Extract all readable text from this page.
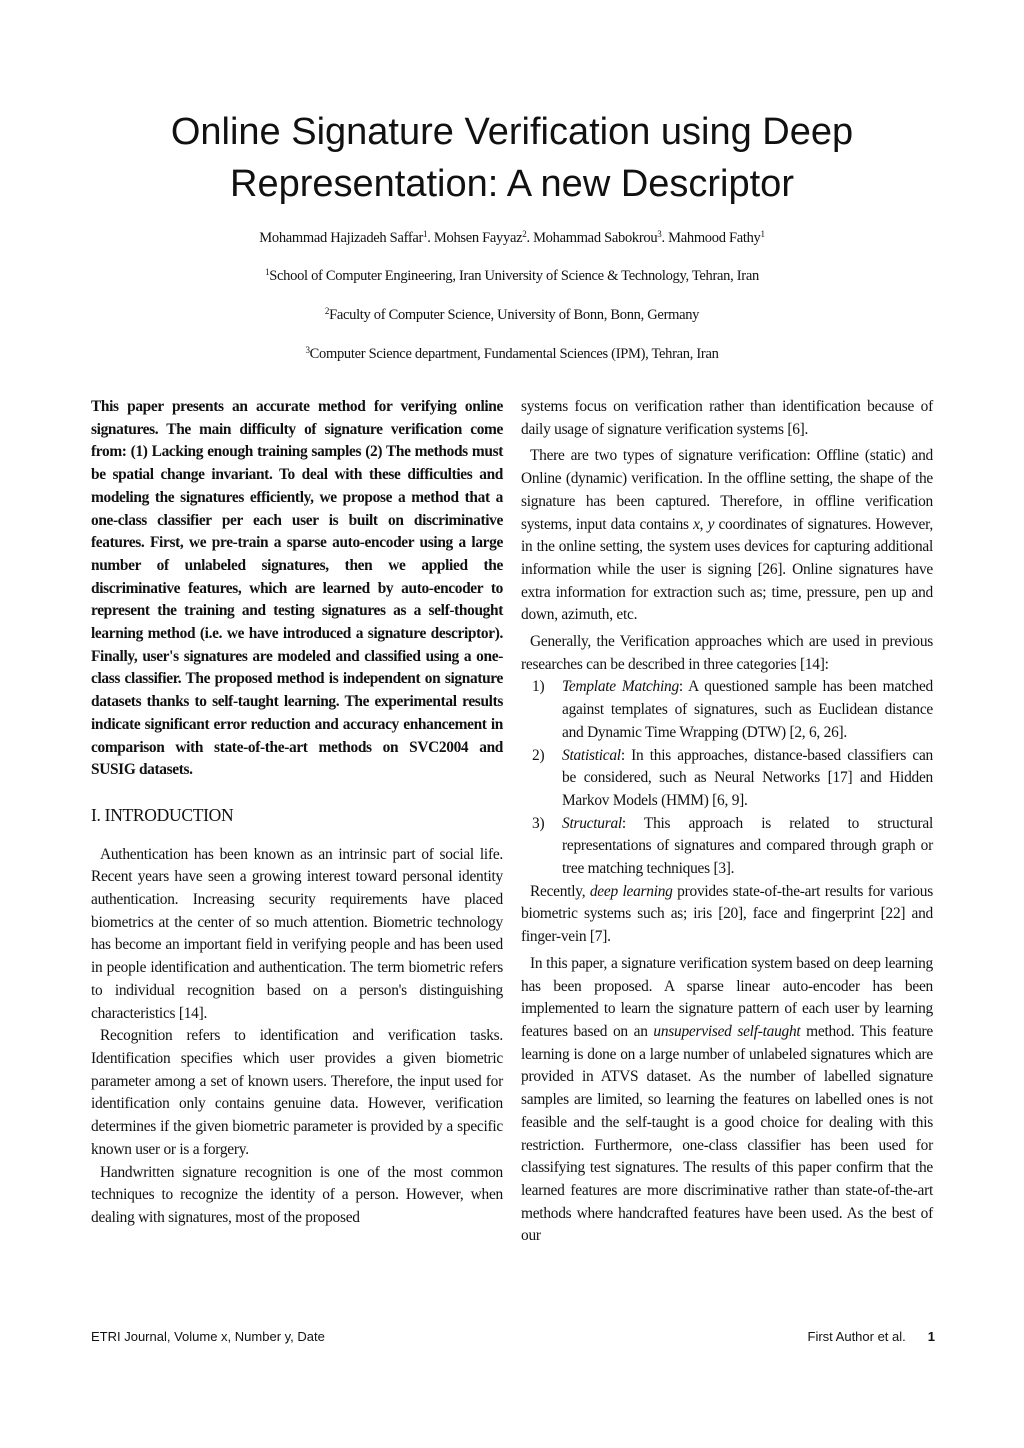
Online Signature Verification using Deep
Representation: A new Descriptor
Mohammad Hajizadeh Saffar$^1$. Mohsen Fayyaz$^2$. Mohammad Sabokrou$^3$. Mahmood Fathy$^1$
$^1$School of Computer Engineering, Iran University of Science & Technology, Tehran, Iran
$^2$Faculty of Computer Science, University of Bonn, Bonn, Germany
$^3$Computer Science department, Fundamental Sciences (IPM), Tehran, Iran

This paper presents an accurate method for verifying online signatures. The main difficulty of signature verification come from: (1) Lacking enough training samples (2) The methods must be spatial change invariant. To deal with these difficulties and modeling the signatures efficiently, we propose a method that a one-class classifier per each user is built on discriminative features. First, we pre-train a sparse auto-encoder using a large number of unlabeled signatures, then we applied the discriminative features, which are learned by auto-encoder to represent the training and testing signatures as a self-thought learning method (i.e. we have introduced a signature descriptor). Finally, user's signatures are modeled and classified using a one-class classifier. The proposed method is independent on signature datasets thanks to self-taught learning. The experimental results indicate significant error reduction and accuracy enhancement in comparison with state-of-the-art methods on SVC2004 and SUSIG datasets.

I. INTRODUCTION

Authentication has been known as an intrinsic part of social life. Recent years have seen a growing interest toward personal identity authentication. Increasing security requirements have placed biometrics at the center of so much attention. Biometric technology has become an important field in verifying people and has been used in people identification and authentication. The term biometric refers to individual recognition based on a person's distinguishing characteristics [14].

Recognition refers to identification and verification tasks. Identification specifies which user provides a given biometric parameter among a set of known users. Therefore, the input used for identification only contains genuine data. However, verification determines if the given biometric parameter is provided by a specific known user or is a forgery.

Handwritten signature recognition is one of the most common techniques to recognize the identity of a person. However, when dealing with signatures, most of the proposed

systems focus on verification rather than identification because of daily usage of signature verification systems [6].

There are two types of signature verification: Offline (static) and Online (dynamic) verification. In the offline setting, the shape of the signature has been captured. Therefore, in offline verification systems, input data contains x, y coordinates of signatures. However, in the online setting, the system uses devices for capturing additional information while the user is signing [26]. Online signatures have extra information for extraction such as; time, pressure, pen up and down, azimuth, etc.

Generally, the Verification approaches which are used in previous researches can be described in three categories [14]:

1) Template Matching: A questioned sample has been matched against templates of signatures, such as Euclidean distance and Dynamic Time Wrapping (DTW) [2, 6, 26].

2) Statistical: In this approaches, distance-based classifiers can be considered, such as Neural Networks [17] and Hidden Markov Models (HMM) [6, 9].

3) Structural: This approach is related to structural representations of signatures and compared through graph or tree matching techniques [3].

Recently, deep learning provides state-of-the-art results for various biometric systems such as; iris [20], face and fingerprint [22] and finger-vein [7].

In this paper, a signature verification system based on deep learning has been proposed. A sparse linear auto-encoder has been implemented to learn the signature pattern of each user by learning features based on an unsupervised self-taught method. This feature learning is done on a large number of unlabeled signatures which are provided in ATVS dataset. As the number of labelled signature samples are limited, so learning the features on labelled ones is not feasible and the self-taught is a good choice for dealing with this restriction. Furthermore, one-class classifier has been used for classifying test signatures. The results of this paper confirm that the learned features are more discriminative rather than state-of-the-art methods where handcrafted features have been used. As the best of our

ETRI Journal, Volume x, Number y, Date	First Author et al. 1
